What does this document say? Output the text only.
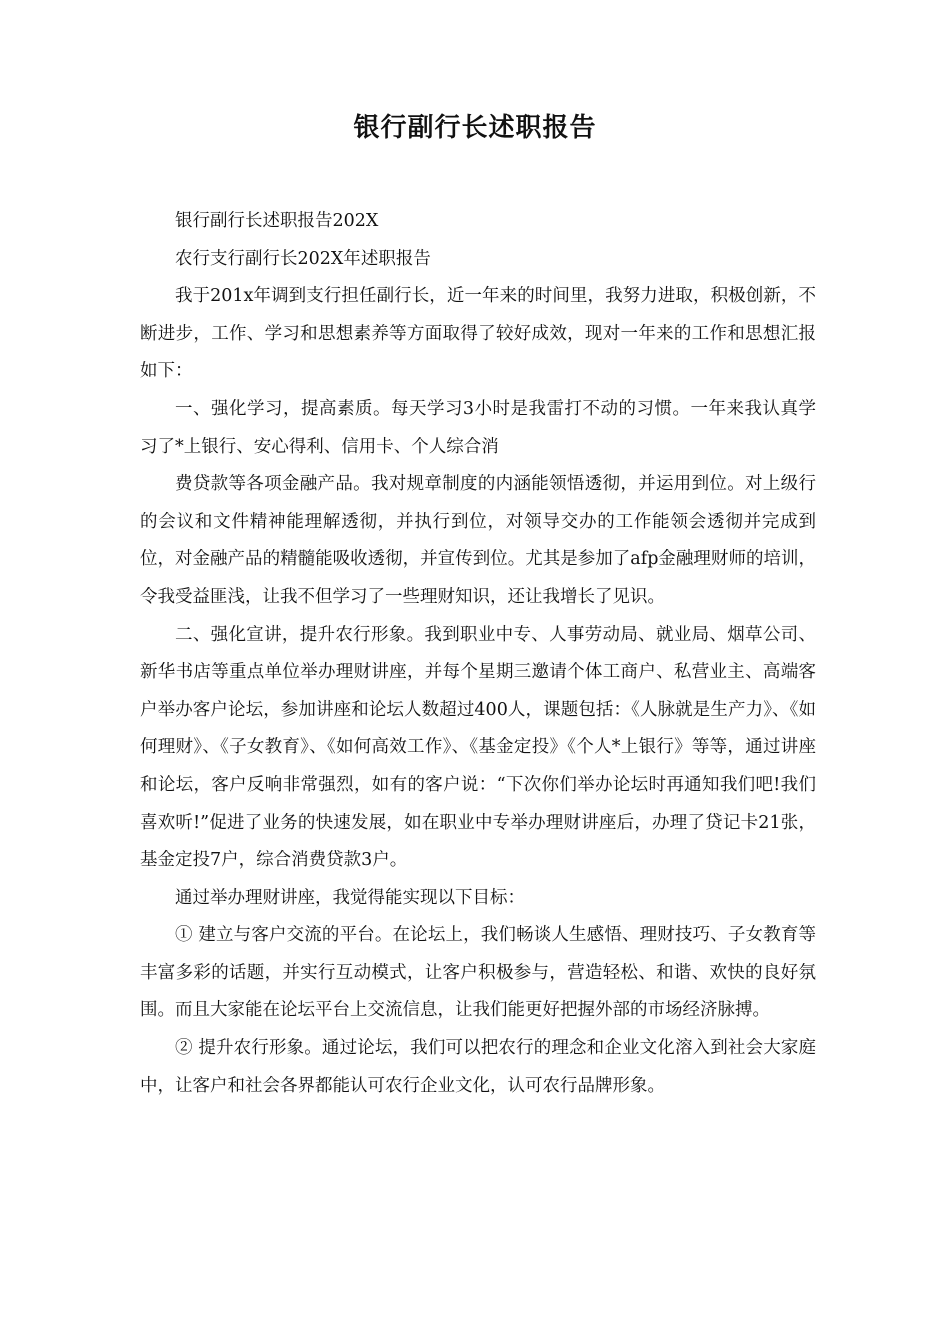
银行副行长述职报告

银行副行长述职报告202X

农行支行副行长202X年述职报告

我于201x年调到支行担任副行长，近一年来的时间里，我努力进取，积极创新，不断进步，工作、学习和思想素养等方面取得了较好成效，现对一年来的工作和思想汇报如下：

一、强化学习，提高素质。每天学习3小时是我雷打不动的习惯。一年来我认真学习了*上银行、安心得利、信用卡、个人综合消

费贷款等各项金融产品。我对规章制度的内涵能领悟透彻，并运用到位。对上级行的会议和文件精神能理解透彻，并执行到位，对领导交办的工作能领会透彻并完成到位，对金融产品的精髓能吸收透彻，并宣传到位。尤其是参加了afp金融理财师的培训，令我受益匪浅，让我不但学习了一些理财知识，还让我增长了见识。

二、强化宣讲，提升农行形象。我到职业中专、人事劳动局、就业局、烟草公司、新华书店等重点单位举办理财讲座，并每个星期三邀请个体工商户、私营业主、高端客户举办客户论坛，参加讲座和论坛人数超过400人，课题包括：《人脉就是生产力》、《如何理财》、《子女教育》、《如何高效工作》、《基金定投》《个人*上银行》等等，通过讲座和论坛，客户反响非常强烈，如有的客户说：“下次你们举办论坛时再通知我们吧!我们喜欢听!”促进了业务的快速发展，如在职业中专举办理财讲座后，办理了贷记卡21张，基金定投7户，综合消费贷款3户。

通过举办理财讲座，我觉得能实现以下目标：

① 建立与客户交流的平台。在论坛上，我们畅谈人生感悟、理财技巧、子女教育等丰富多彩的话题，并实行互动模式，让客户积极参与，营造轻松、和谐、欢快的良好氛围。而且大家能在论坛平台上交流信息，让我们能更好把握外部的市场经济脉搏。

② 提升农行形象。通过论坛，我们可以把农行的理念和企业文化溶入到社会大家庭中，让客户和社会各界都能认可农行企业文化，认可农行品牌形象。
